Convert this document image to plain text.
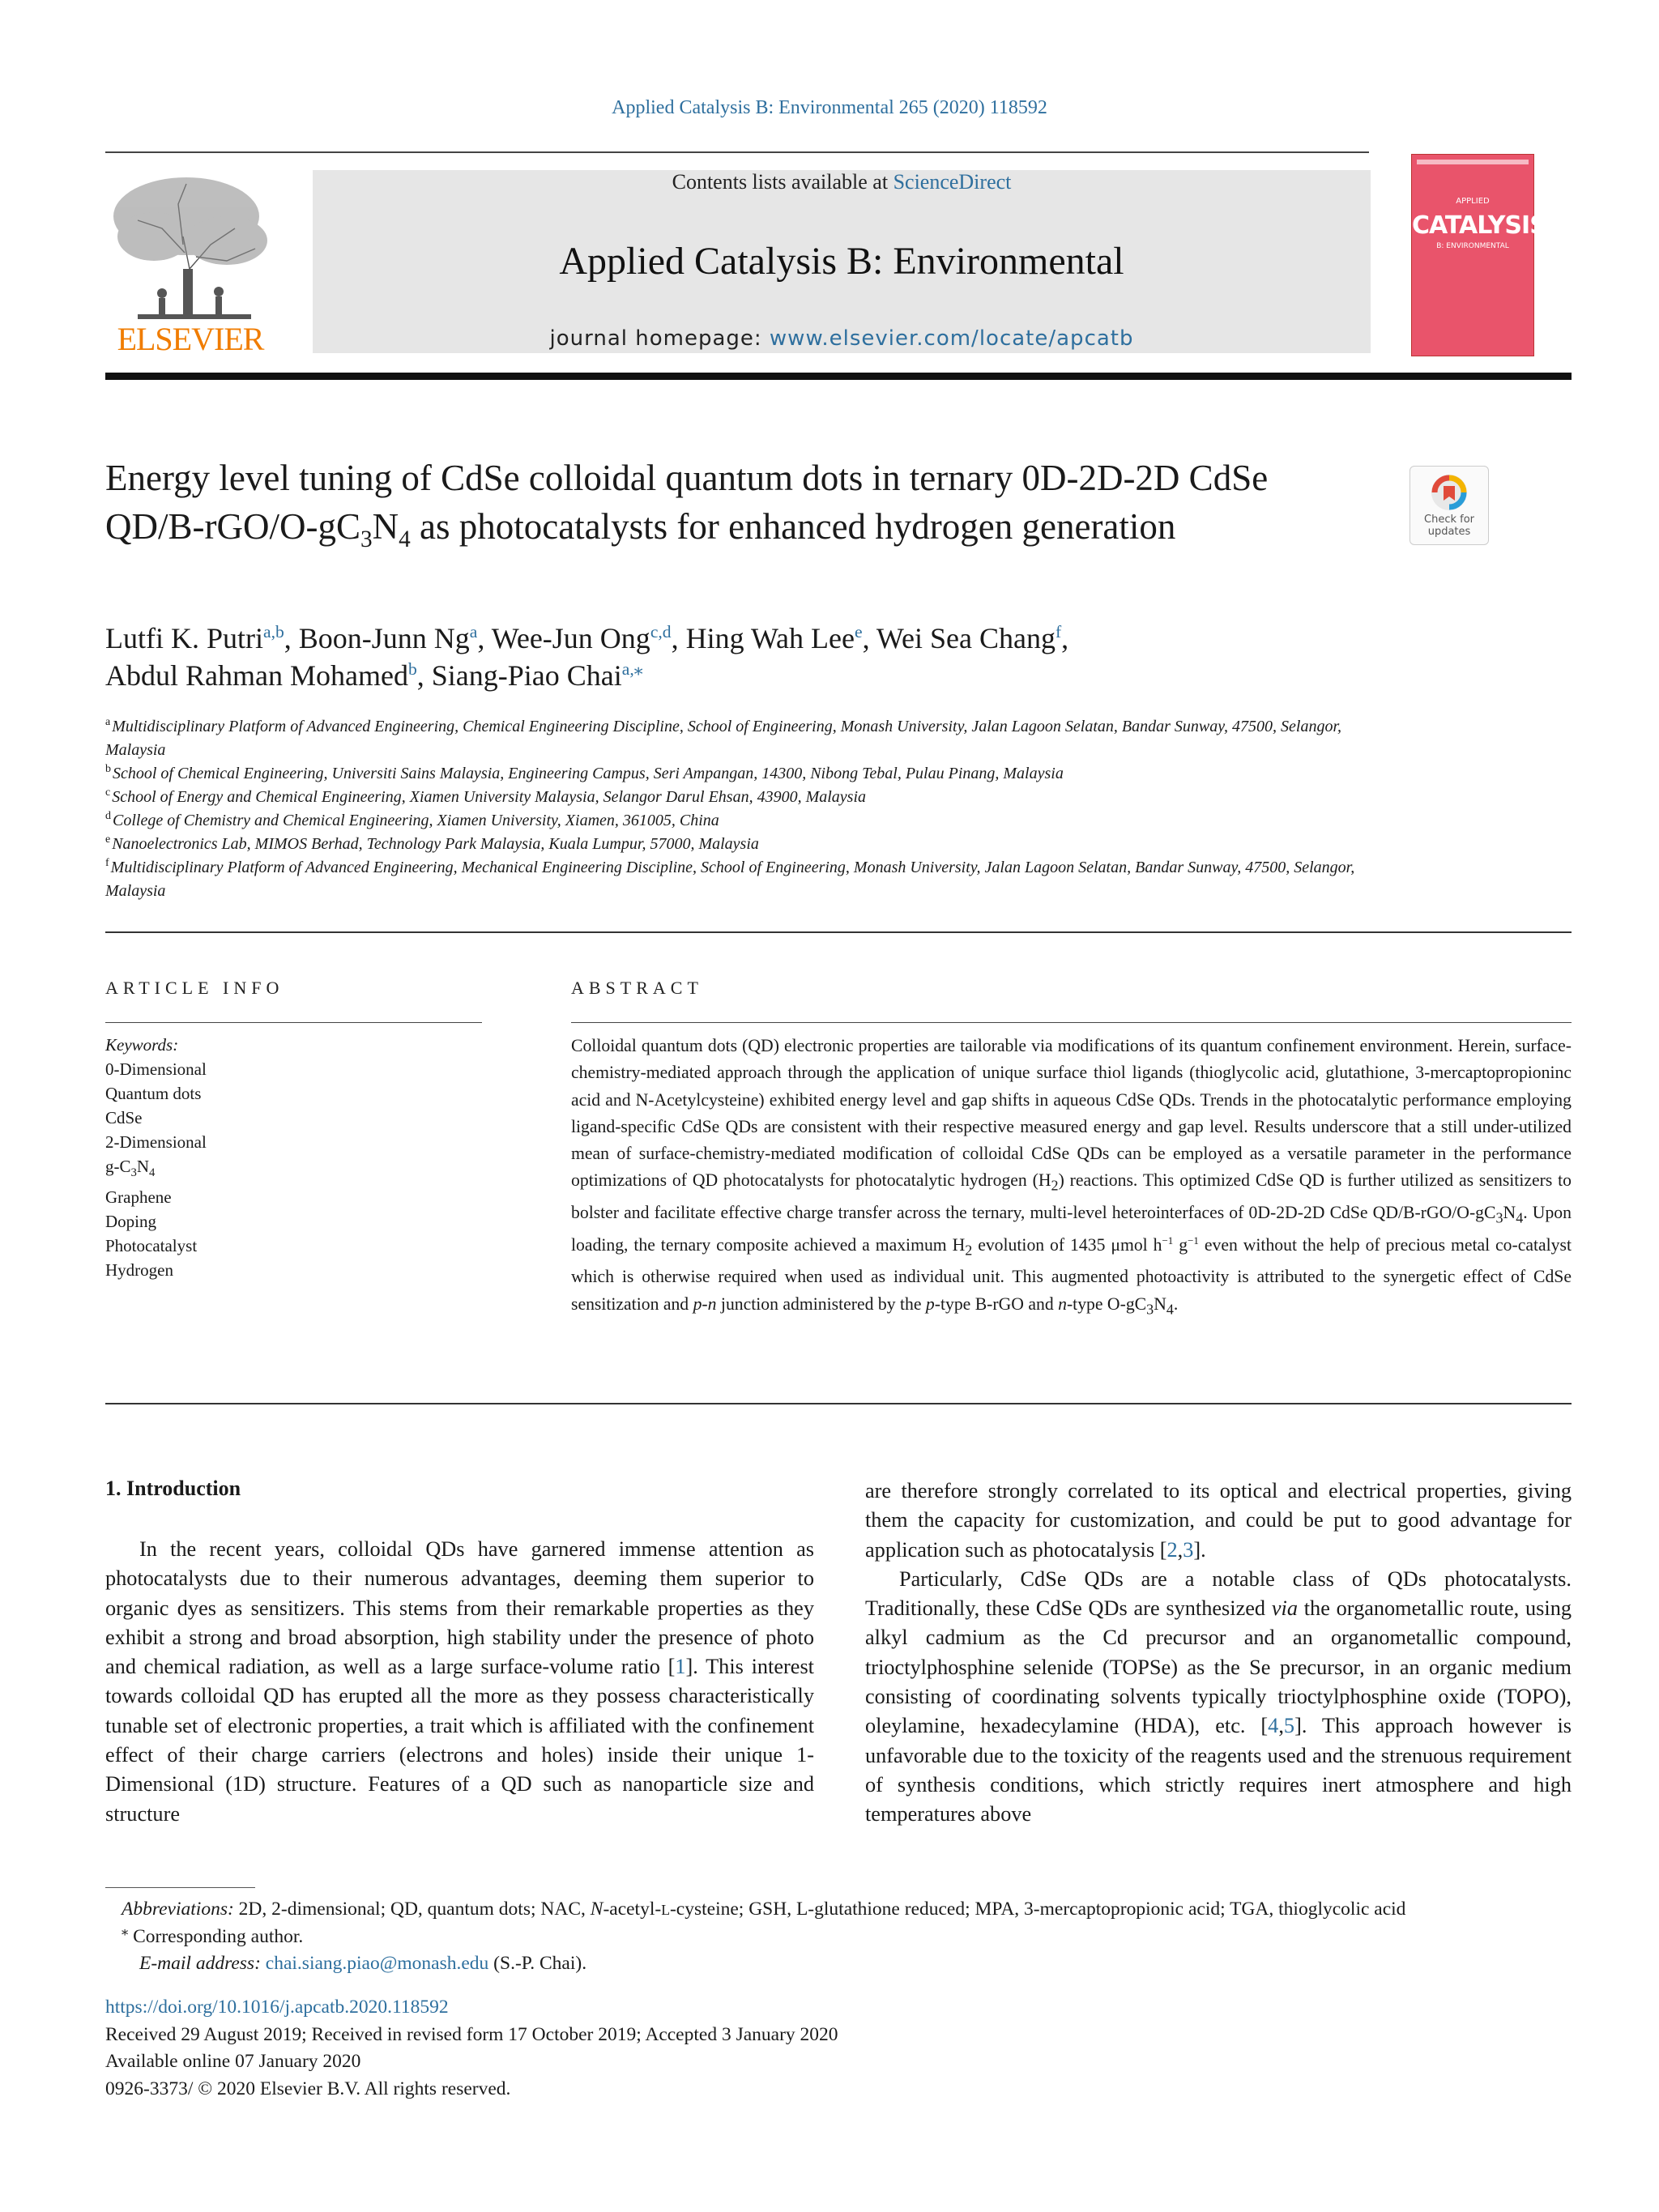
Applied Catalysis B: Environmental 265 (2020) 118592
ELSEVIER
Contents lists available at ScienceDirect
Applied Catalysis B: Environmental
journal homepage: www.elsevier.com/locate/apcatb
APPLIED
CATALYSIS
B: ENVIRONMENTAL
Energy level tuning of CdSe colloidal quantum dots in ternary 0D-2D-2D CdSe $QD/B-rGO/O-gC_3N_4$ as photocatalysts for enhanced hydrogen generation	Check for updates
Lutfi K. Putri$^{a,b}$, Boon-Junn Ng$^a$, Wee-Jun Ong$^{c,d}$, Hing Wah Lee$^e$, Wei Sea Chang$^f$,
Abdul Rahman Mohamed$^b$, Siang-Piao Chai$^{a,⁎}$

$^a$ Multidisciplinary Platform of Advanced Engineering, Chemical Engineering Discipline, School of Engineering, Monash University, Jalan Lagoon Selatan, Bandar Sunway, 47500, Selangor, Malaysia

$^b$ School of Chemical Engineering, Universiti Sains Malaysia, Engineering Campus, Seri Ampangan, 14300, Nibong Tebal, Pulau Pinang, Malaysia

$^c$ School of Energy and Chemical Engineering, Xiamen University Malaysia, Selangor Darul Ehsan, 43900, Malaysia

$^d$ College of Chemistry and Chemical Engineering, Xiamen University, Xiamen, 361005, China

$^e$ Nanoelectronics Lab, MIMOS Berhad, Technology Park Malaysia, Kuala Lumpur, 57000, Malaysia

$^f$ Multidisciplinary Platform of Advanced Engineering, Mechanical Engineering Discipline, School of Engineering, Monash University, Jalan Lagoon Selatan, Bandar Sunway, 47500, Selangor, Malaysia

ARTICLE INFO	ABSTRACT
Keywords:
0-Dimensional
Quantum dots
CdSe
2-Dimensional
$g-C_3N_4$
Graphene
Doping
Photocatalyst
Hydrogen
Colloidal quantum dots (QD) electronic properties are tailorable via modifications of its quantum confinement environment. Herein, surface-chemistry-mediated approach through the application of unique surface thiol ligands (thioglycolic acid, glutathione, 3-mercaptopropioninc acid and N-Acetylcysteine) exhibited energy level and gap shifts in aqueous CdSe QDs. Trends in the photocatalytic performance employing ligand-specific CdSe QDs are consistent with their respective measured energy and gap level. Results underscore that a still under-utilized mean of surface-chemistry-mediated modification of colloidal CdSe QDs can be employed as a versatile parameter in the performance optimizations of QD photocatalysts for photocatalytic hydrogen $(H_2)$ reactions. This optimized CdSe QD is further utilized as sensitizers to bolster and facilitate effective charge transfer across the ternary, multi-level heterointerfaces of 0D-2D-2D CdSe $QD/B-rGO/O-gC_3N_4$. Upon loading, the ternary composite achieved a maximum $H_2$ evolution of 1435 μmol $h^{-1}$ $g^{-1}$ even without the help of precious metal co-catalyst which is otherwise required when used as individual unit. This augmented photoactivity is attributed to the synergetic effect of CdSe sensitization and p-n junction administered by the p-type B-rGO and n-type $O-gC_3N_4$.
1. Introduction

In the recent years, colloidal QDs have garnered immense attention as photocatalysts due to their numerous advantages, deeming them superior to organic dyes as sensitizers. This stems from their remarkable properties as they exhibit a strong and broad absorption, high stability under the presence of photo and chemical radiation, as well as a large surface-volume ratio [1]. This interest towards colloidal QD has erupted all the more as they possess characteristically tunable set of electronic properties, a trait which is affiliated with the confinement effect of their charge carriers (electrons and holes) inside their unique 1-Dimensional (1D) structure. Features of a QD such as nanoparticle size and structure

are therefore strongly correlated to its optical and electrical properties, giving them the capacity for customization, and could be put to good advantage for application such as photocatalysis [2,3].

Particularly, CdSe QDs are a notable class of QDs photocatalysts. Traditionally, these CdSe QDs are synthesized via the organometallic route, using alkyl cadmium as the Cd precursor and an organometallic compound, trioctylphosphine selenide (TOPSe) as the Se precursor, in an organic medium consisting of coordinating solvents typically trioctylphosphine oxide (TOPO), oleylamine, hexadecylamine (HDA), etc. [4,5]. This approach however is unfavorable due to the toxicity of the reagents used and the strenuous requirement of synthesis conditions, which strictly requires inert atmosphere and high temperatures above

Abbreviations: 2D, 2-dimensional; QD, quantum dots; NAC, N-acetyl-L-cysteine; GSH, L-glutathione reduced; MPA, 3-mercaptopropionic acid; TGA, thioglycolic acid

⁎ Corresponding author.

E-mail address: chai.siang.piao@monash.edu (S.-P. Chai).

https://doi.org/10.1016/j.apcatb.2020.118592

Received 29 August 2019; Received in revised form 17 October 2019; Accepted 3 January 2020

Available online 07 January 2020

0926-3373/ © 2020 Elsevier B.V. All rights reserved.
